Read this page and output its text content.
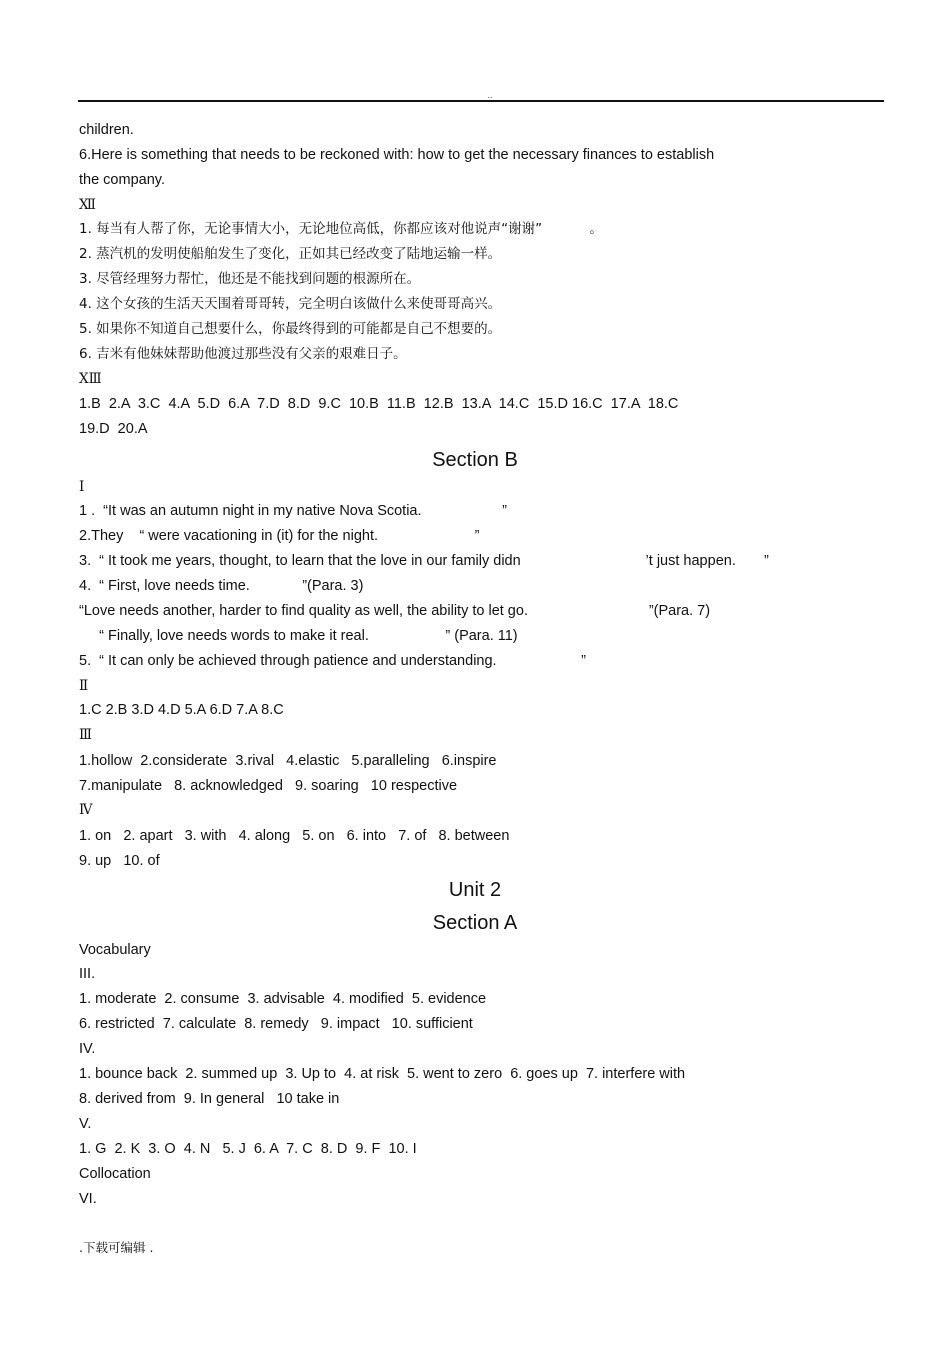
..
children.
6.Here is something that needs to be reckoned with: how to get the necessary finances to establish
the company.
Ⅻ
1. 每当有人帮了你，无论事情大小，无论地位高低，你都应该对他说声“谢谢”           。
2. 蒸汽机的发明使船舶发生了变化，正如其已经改变了陆地运输一样。
3. 尽管经理努力帮忙，他还是不能找到问题的根源所在。
4. 这个女孩的生活天天围着哥哥转，完全明白该做什么来使哥哥高兴。
5. 如果你不知道自己想要什么，你最终得到的可能都是自己不想要的。
6. 吉米有他妹妹帮助他渡过那些没有父亲的艰难日子。
ⅩⅢ
1.B  2.A  3.C  4.A  5.D  6.A  7.D  8.D  9.C  10.B  11.B  12.B  13.A  14.C  15.D 16.C  17.A  18.C
19.D  20.A
Section B
Ⅰ
1 .  “It was an autumn night in my native Nova Scotia.                    ”
2.They    “ were vacationing in (it) for the night.                        ”
3.  “ It took me years, thought, to learn that the love in our family didn                               ’t just happen.       ”
4.  “ First, love needs time.             ”(Para. 3)
“Love needs another, harder to find quality as well, the ability to let go.                              ”(Para. 7)
“ Finally, love needs words to make it real.                   ” (Para. 11)
5.  “ It can only be achieved through patience and understanding.                     ”
Ⅱ
1.C 2.B 3.D 4.D 5.A 6.D 7.A 8.C
Ⅲ
1.hollow  2.considerate  3.rival   4.elastic   5.paralleling   6.inspire
7.manipulate   8. acknowledged   9. soaring   10 respective
Ⅳ
1. on   2. apart   3. with   4. along   5. on   6. into   7. of   8. between
9. up   10. of
Unit 2
Section A
Vocabulary
III.
1. moderate  2. consume  3. advisable  4. modified  5. evidence
6. restricted  7. calculate  8. remedy   9. impact   10. sufficient
IV.
1. bounce back  2. summed up  3. Up to  4. at risk  5. went to zero  6. goes up  7. interfere with
8. derived from  9. In general   10 take in
V.
1. G  2. K  3. O  4. N   5. J  6. A  7. C  8. D  9. F  10. I
Collocation
VI.
.下载可编辑 .
